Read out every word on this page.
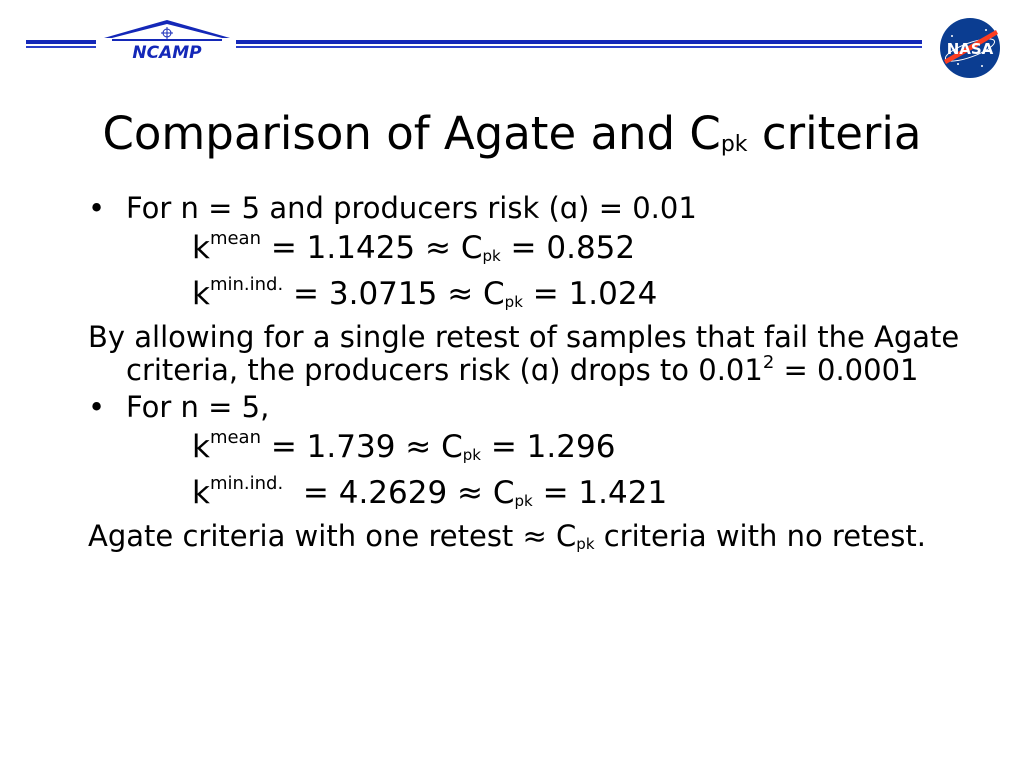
NCAMP	NASA
Comparison of Agate and Cpk criteria
• For n = 5 and producers risk (ɑ) = 0.01
$k^{mean} = 1.1425$ ≈ Cpk = 0.852
$k^{min.ind.} = 3.0715$ ≈ Cpk = 1.024
By allowing for a single retest of samples that fail the Agate criteria, the producers risk (ɑ) drops to $0.01^2 = 0.0001$
• For n = 5,
$k^{mean} = 1.739$ ≈ Cpk = 1.296
$k^{min.ind.} = 4.2629$ ≈ Cpk = 1.421
Agate criteria with one retest ≈ Cpk criteria with no retest.
